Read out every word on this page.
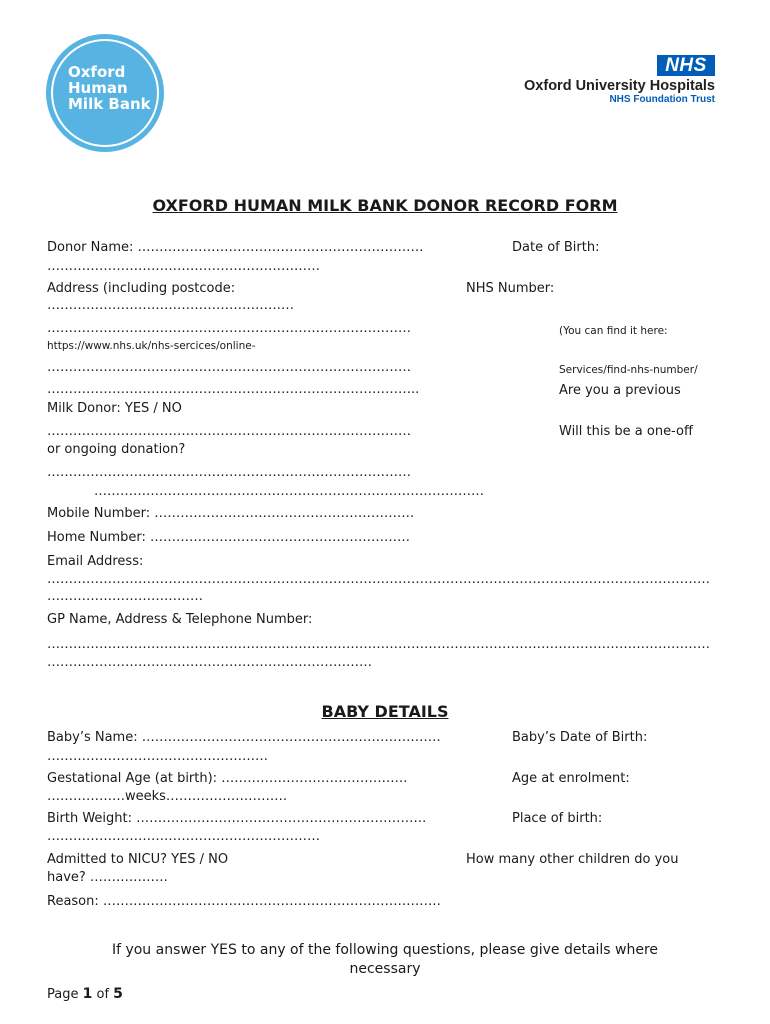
Oxford
Human
Milk Bank
NHS
Oxford University Hospitals
NHS Foundation Trust
OXFORD HUMAN MILK BANK DONOR RECORD FORM
Donor Name: …………………………………………………………	Date of Birth:
………………………………………………………
Address (including postcode:	NHS Number:
…………………………………………………
…………………………………………………………………………	(You can find it here:
https://www.nhs.uk/nhs-sercices/online-
…………………………………………………………………………	Services/find-nhs-number/
…………………………………………………………………………..	Are you a previous
Milk Donor: YES / NO
…………………………………………………………………………	Will this be a one-off
or ongoing donation?
…………………………………………………………………………
………………………………………………………………………………
Mobile Number: ……………………………………………………
Home Number: ……………………………………………………
Email Address:
………………………………………………………………………………………………………………………………………
………………………………
GP Name, Address & Telephone Number:
………………………………………………………………………………………………………………………………………
…………………………………………………………………
BABY DETAILS
Baby’s Name: ……………………………………………………………	Baby’s Date of Birth:
……………………………………………
Gestational Age (at birth): …………………………………….	Age at enrolment:
………………weeks……………………….
Birth Weight: ………………………………………………………….	Place of birth:
………………………………………………………
Admitted to NICU? YES / NO	How many other children do you
have? ………………
Reason: ……………………………………………………………………
If you answer YES to any of the following questions, please give details where
necessary
Page 1 of 5
